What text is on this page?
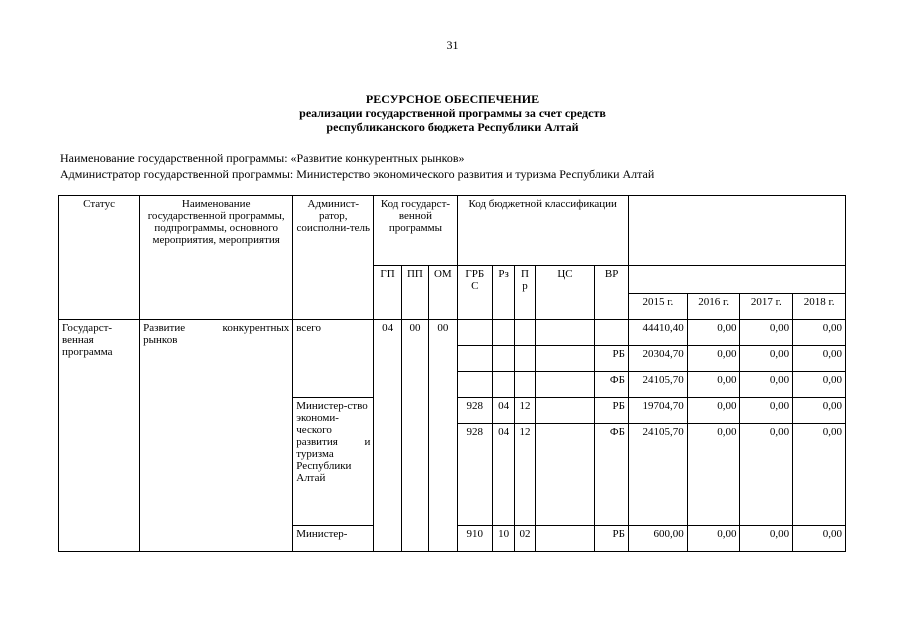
31
РЕСУРСНОЕ ОБЕСПЕЧЕНИЕ
реализации государственной программы за счет средств
республиканского бюджета Республики Алтай
Наименование государственной программы: «Развитие конкурентных рынков»
Администратор государственной программы: Министерство экономического развития и туризма Республики Алтай
Статус	Наименование государственной программы, подпрограммы, основного мероприятия, мероприятия	Админист-ратор, соисполни-тель	Код государст-венной программы			Код бюджетной классификации								
			ГП	ПП	ОМ	ГРБ С	Рз	П р	ЦС	ВР				
											2015 г.	2016 г.	2017 г.	2018 г.
Государст-венная программа	Развитие конкурентных рынков	всего	04	00	00						44410,40	0,00	0,00	0,00
										РБ	20304,70	0,00	0,00	0,00
										ФБ	24105,70	0,00	0,00	0,00
		Министер-ство экономи-ческого развития и туризма Республики Алтай				928	04	12		РБ	19704,70	0,00	0,00	0,00
						928	04	12		ФБ	24105,70	0,00	0,00	0,00
		Министер-				910	10	02		РБ	600,00	0,00	0,00	0,00
